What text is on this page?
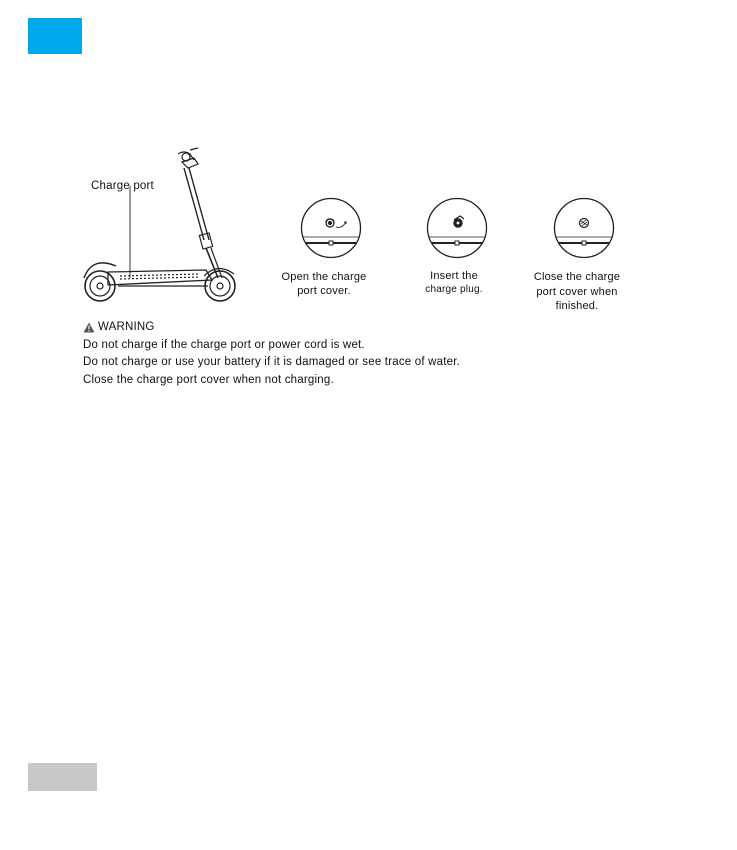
Charge port
Open the charge
port cover.
Insert the
charge plug.
Close the charge
port cover when
finished.
WARNING
Do not charge if the charge port or power cord is wet.
Do not charge or use your battery if it is damaged or see trace of water.
Close the charge port cover when not charging.
